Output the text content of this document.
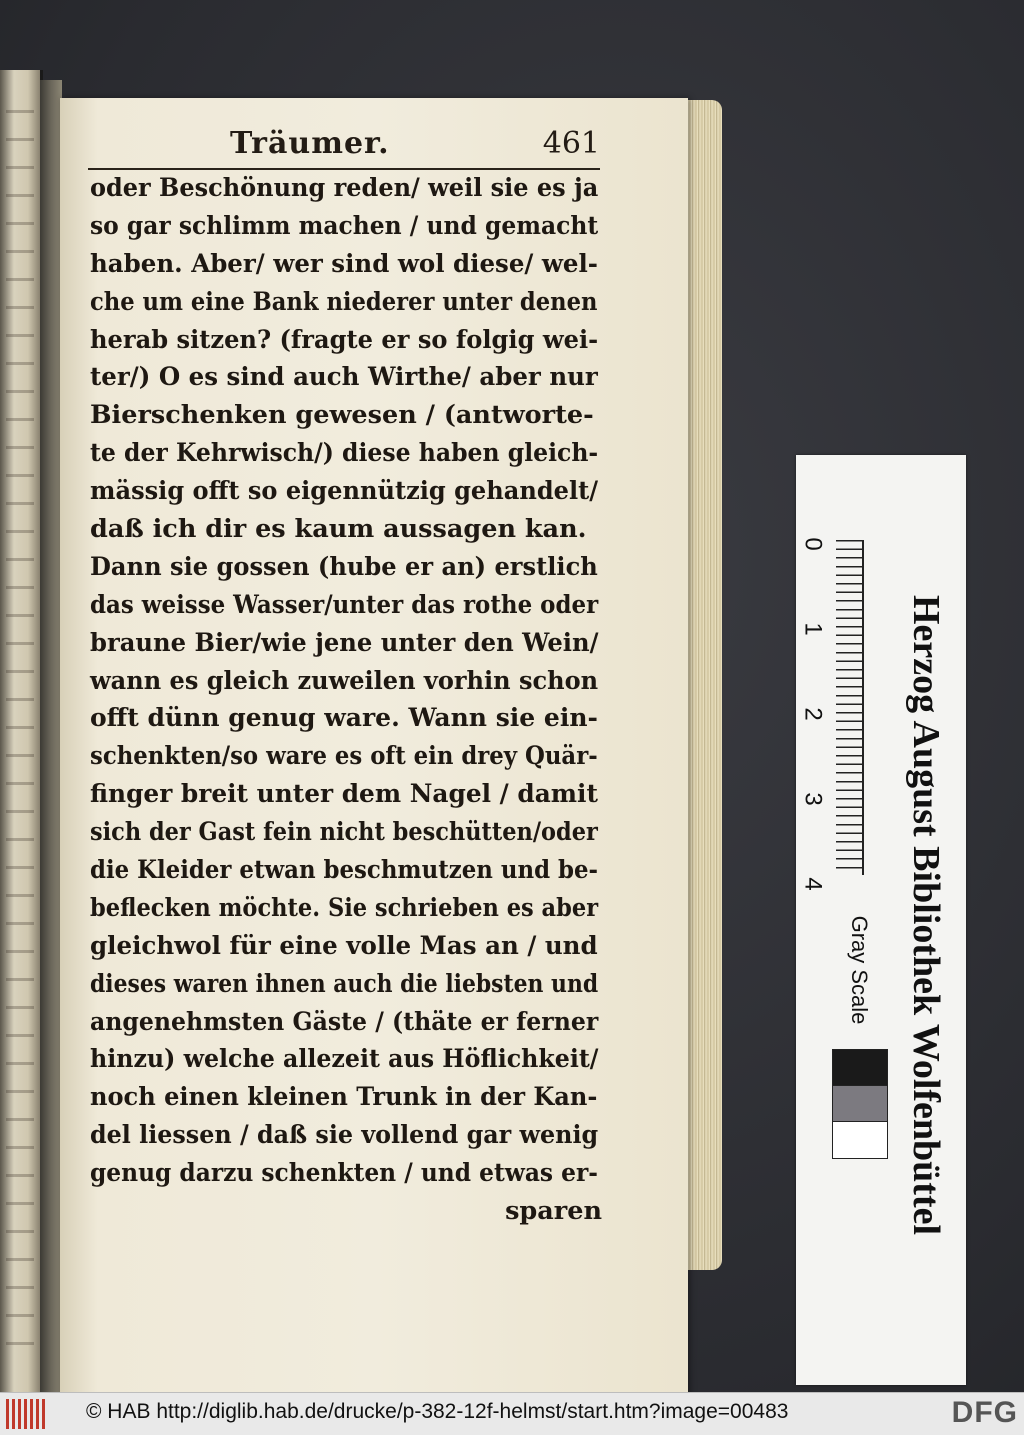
Träumer.	461
oder Beschönung reden/ weil sie es ja
so gar schlimm machen / und gemacht
haben. Aber/ wer sind wol diese/ wel-
che um eine Bank niederer unter denen
herab sitzen? (fragte er so folgig wei-
ter/) O es sind auch Wirthe/ aber nur
Bierschenken gewesen / (antworte-
te der Kehrwisch/) diese haben gleich-
mässig offt so eigennützig gehandelt/
daß ich dir es kaum aussagen kan.
Dann sie gossen (hube er an) erstlich
das weisse Wasser/unter das rothe oder
braune Bier/wie jene unter den Wein/
wann es gleich zuweilen vorhin schon
offt dünn genug ware. Wann sie ein-
schenkten/so ware es oft ein drey Quär-
finger breit unter dem Nagel / damit
sich der Gast fein nicht beschütten/oder
die Kleider etwan beschmutzen und be-
beflecken möchte. Sie schrieben es aber
gleichwol für eine volle Mas an / und
dieses waren ihnen auch die liebsten und
angenehmsten Gäste / (thäte er ferner
hinzu) welche allezeit aus Höflichkeit/
noch einen kleinen Trunk in der Kan-
del liessen / daß sie vollend gar wenig
genug darzu schenkten / und etwas er-
sparen
0
1
2
3
4
Gray Scale Herzog August Bibliothek Wolfenbüttel
© HAB http://diglib.hab.de/drucke/p-382-12f-helmst/start.htm?image=00483	DFG
